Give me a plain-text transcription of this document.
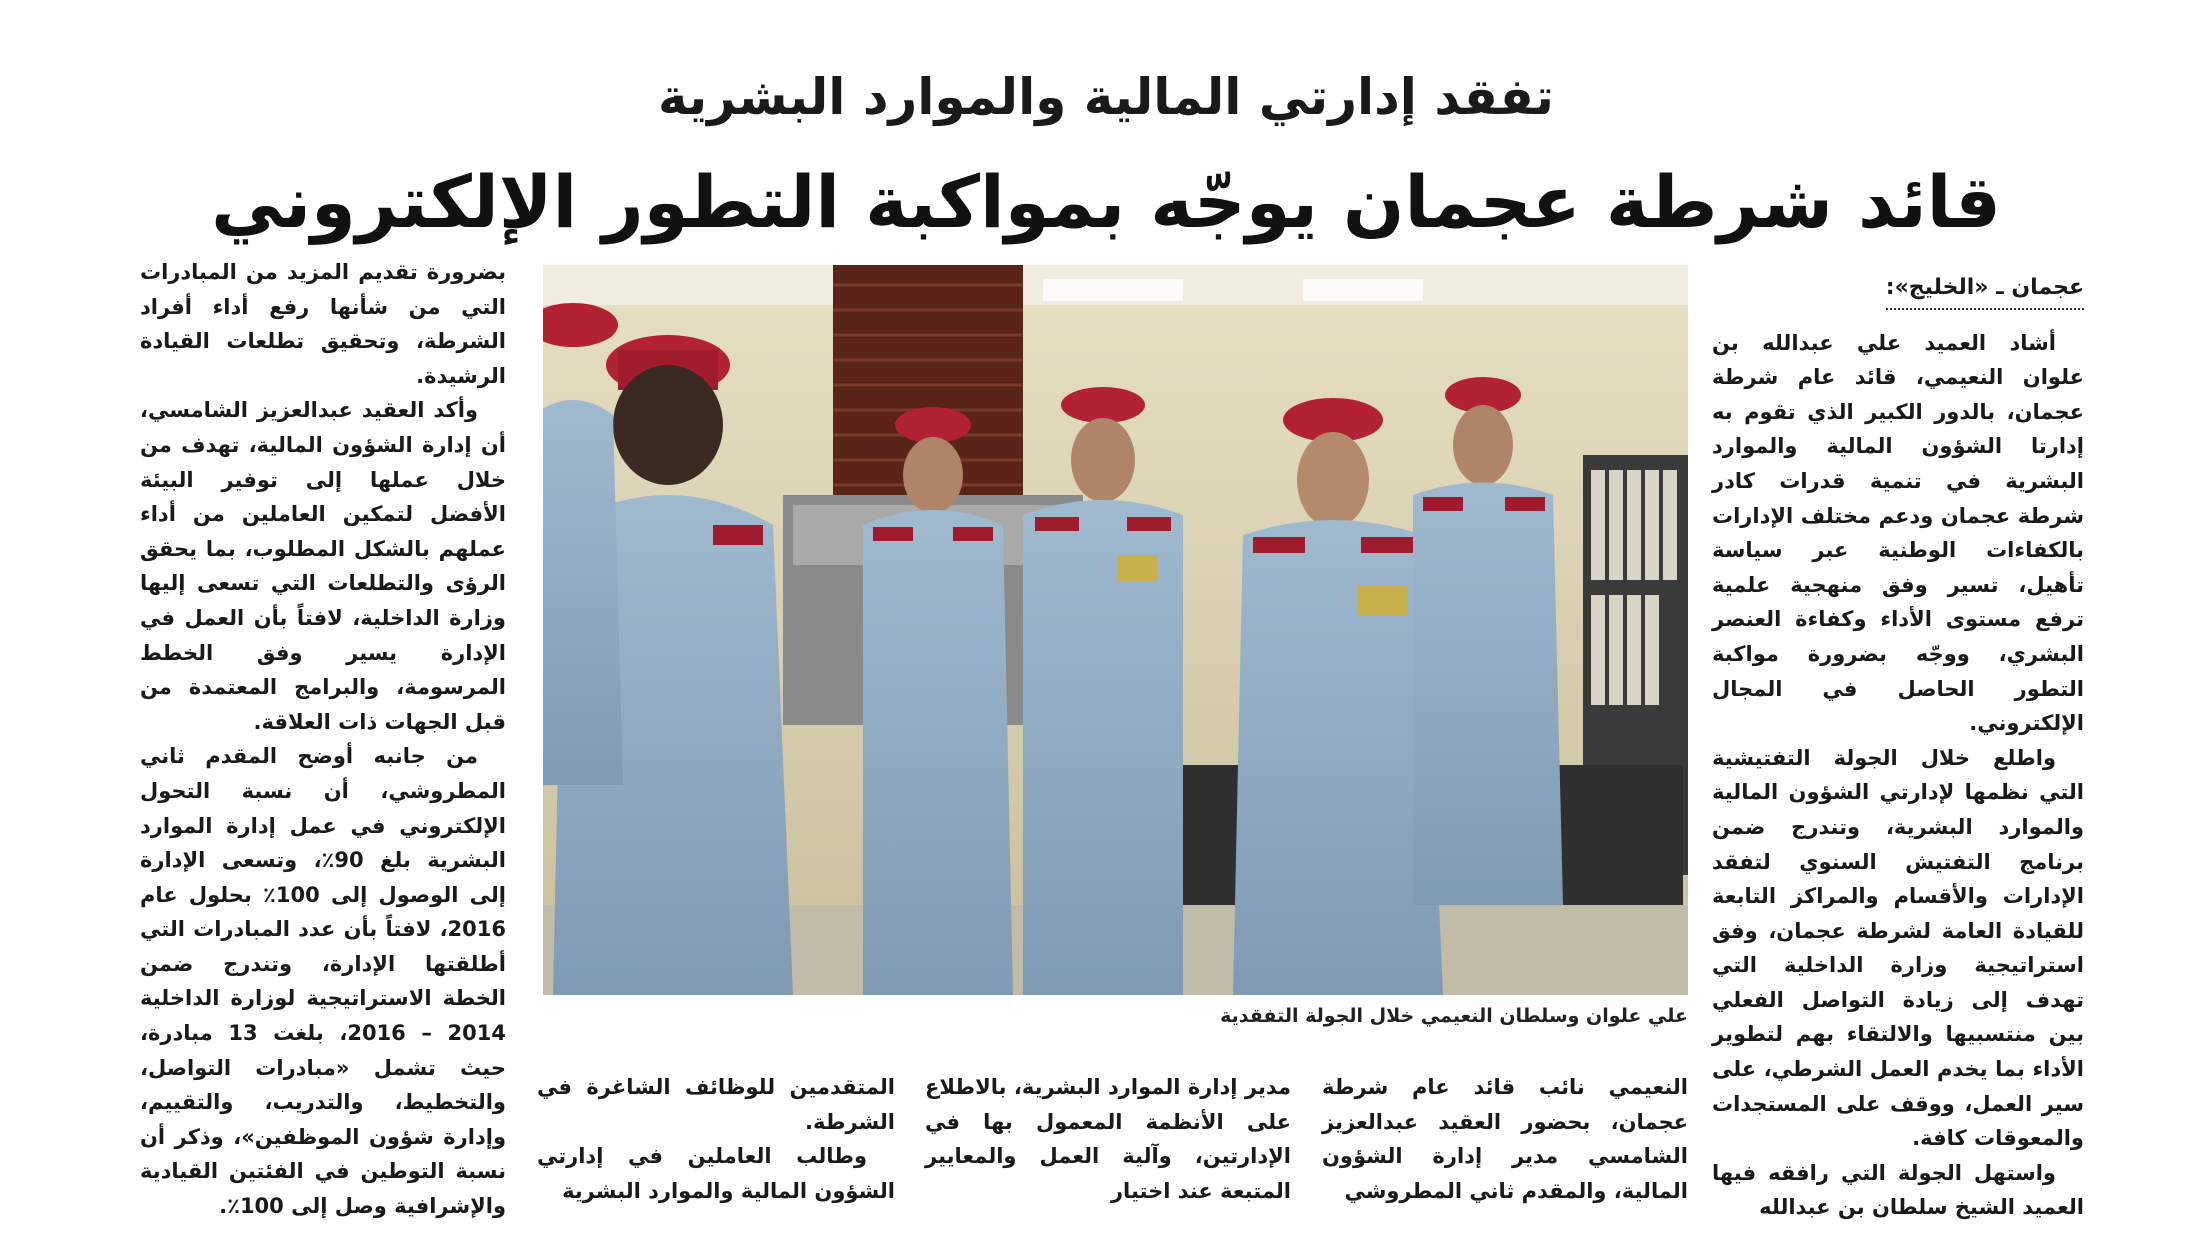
تفقد إدارتي المالية والموارد البشرية
قائد شرطة عجمان يوجّه بمواكبة التطور الإلكتروني
عجمان ـ «الخليج»:

أشاد العميد علي عبدالله بن علوان النعيمي، قائد عام شرطة عجمان، بالدور الكبير الذي تقوم به إدارتا الشؤون المالية والموارد البشرية في تنمية قدرات كادر شرطة عجمان ودعم مختلف الإدارات بالكفاءات الوطنية عبر سياسة تأهيل، تسير وفق منهجية علمية ترفع مستوى الأداء وكفاءة العنصر البشري، ووجّه بضرورة مواكبة التطور الحاصل في المجال الإلكتروني.

واطلع خلال الجولة التفتيشية التي نظمها لإدارتي الشؤون المالية والموارد البشرية، وتندرج ضمن برنامج التفتيش السنوي لتفقد الإدارات والأقسام والمراكز التابعة للقيادة العامة لشرطة عجمان، وفق استراتيجية وزارة الداخلية التي تهدف إلى زيادة التواصل الفعلي بين منتسبيها والالتقاء بهم لتطوير الأداء بما يخدم العمل الشرطي، على سير العمل، ووقف على المستجدات والمعوقات كافة.

واستهل الجولة التي رافقه فيها العميد الشيخ سلطان بن عبدالله

علي علوان وسلطان النعيمي خلال الجولة التفقدية

النعيمي نائب قائد عام شرطة عجمان، بحضور العقيد عبدالعزيز الشامسي مدير إدارة الشؤون المالية، والمقدم ثاني المطروشي

مدير إدارة الموارد البشرية، بالاطلاع على الأنظمة المعمول بها في الإدارتين، وآلية العمل والمعايير المتبعة عند اختيار

المتقدمين للوظائف الشاغرة في الشرطة.

وطالب العاملين في إدارتي الشؤون المالية والموارد البشرية

بضرورة تقديم المزيد من المبادرات التي من شأنها رفع أداء أفراد الشرطة، وتحقيق تطلعات القيادة الرشيدة.

وأكد العقيد عبدالعزيز الشامسي، أن إدارة الشؤون المالية، تهدف من خلال عملها إلى توفير البيئة الأفضل لتمكين العاملين من أداء عملهم بالشكل المطلوب، بما يحقق الرؤى والتطلعات التي تسعى إليها وزارة الداخلية، لافتاً بأن العمل في الإدارة يسير وفق الخطط المرسومة، والبرامج المعتمدة من قبل الجهات ذات العلاقة.

من جانبه أوضح المقدم ثاني المطروشي، أن نسبة التحول الإلكتروني في عمل إدارة الموارد البشرية بلغ 90٪، وتسعى الإدارة إلى الوصول إلى 100٪ بحلول عام 2016، لافتاً بأن عدد المبادرات التي أطلقتها الإدارة، وتندرج ضمن الخطة الاستراتيجية لوزارة الداخلية 2014 – 2016، بلغت 13 مبادرة، حيث تشمل «مبادرات التواصل، والتخطيط، والتدريب، والتقييم، وإدارة شؤون الموظفين»، وذكر أن نسبة التوطين في الفئتين القيادية والإشرافية وصل إلى 100٪.
